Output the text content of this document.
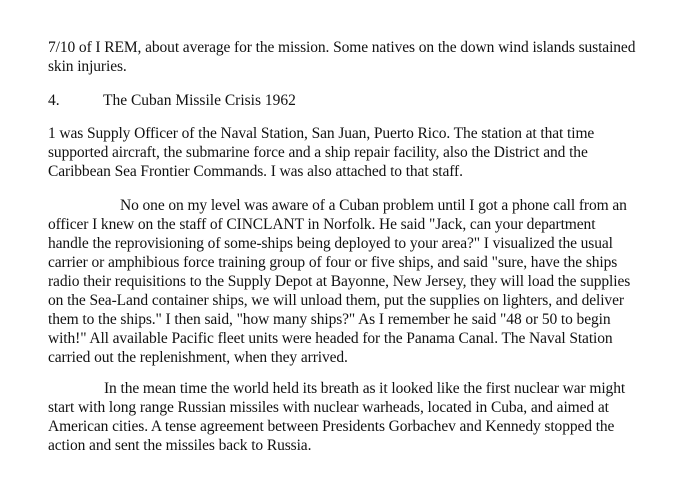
7/10 of I REM, about average for the mission. Some natives on the down wind islands sustained
skin injuries.
4.	The Cuban Missile Crisis 1962
1 was Supply Officer of the Naval Station, San Juan, Puerto Rico. The station at that time
supported aircraft, the submarine force and a ship repair facility, also the District and the
Caribbean Sea Frontier Commands. I was also attached to that staff.
No one on my level was aware of a Cuban problem until I got a phone call from an
officer I knew on the staff of CINCLANT in Norfolk. He said "Jack, can your department
handle the reprovisioning of some-ships being deployed to your area?" I visualized the usual
carrier or amphibious force training group of four or five ships, and said "sure, have the ships
radio their requisitions to the Supply Depot at Bayonne, New Jersey, they will load the supplies
on the Sea-Land container ships, we will unload them, put the supplies on lighters, and deliver
them to the ships." I then said, "how many ships?" As I remember he said "48 or 50 to begin
with!" All available Pacific fleet units were headed for the Panama Canal. The Naval Station
carried out the replenishment, when they arrived.
In the mean time the world held its breath as it looked like the first nuclear war might
start with long range Russian missiles with nuclear warheads, located in Cuba, and aimed at
American cities. A tense agreement between Presidents Gorbachev and Kennedy stopped the
action and sent the missiles back to Russia.
